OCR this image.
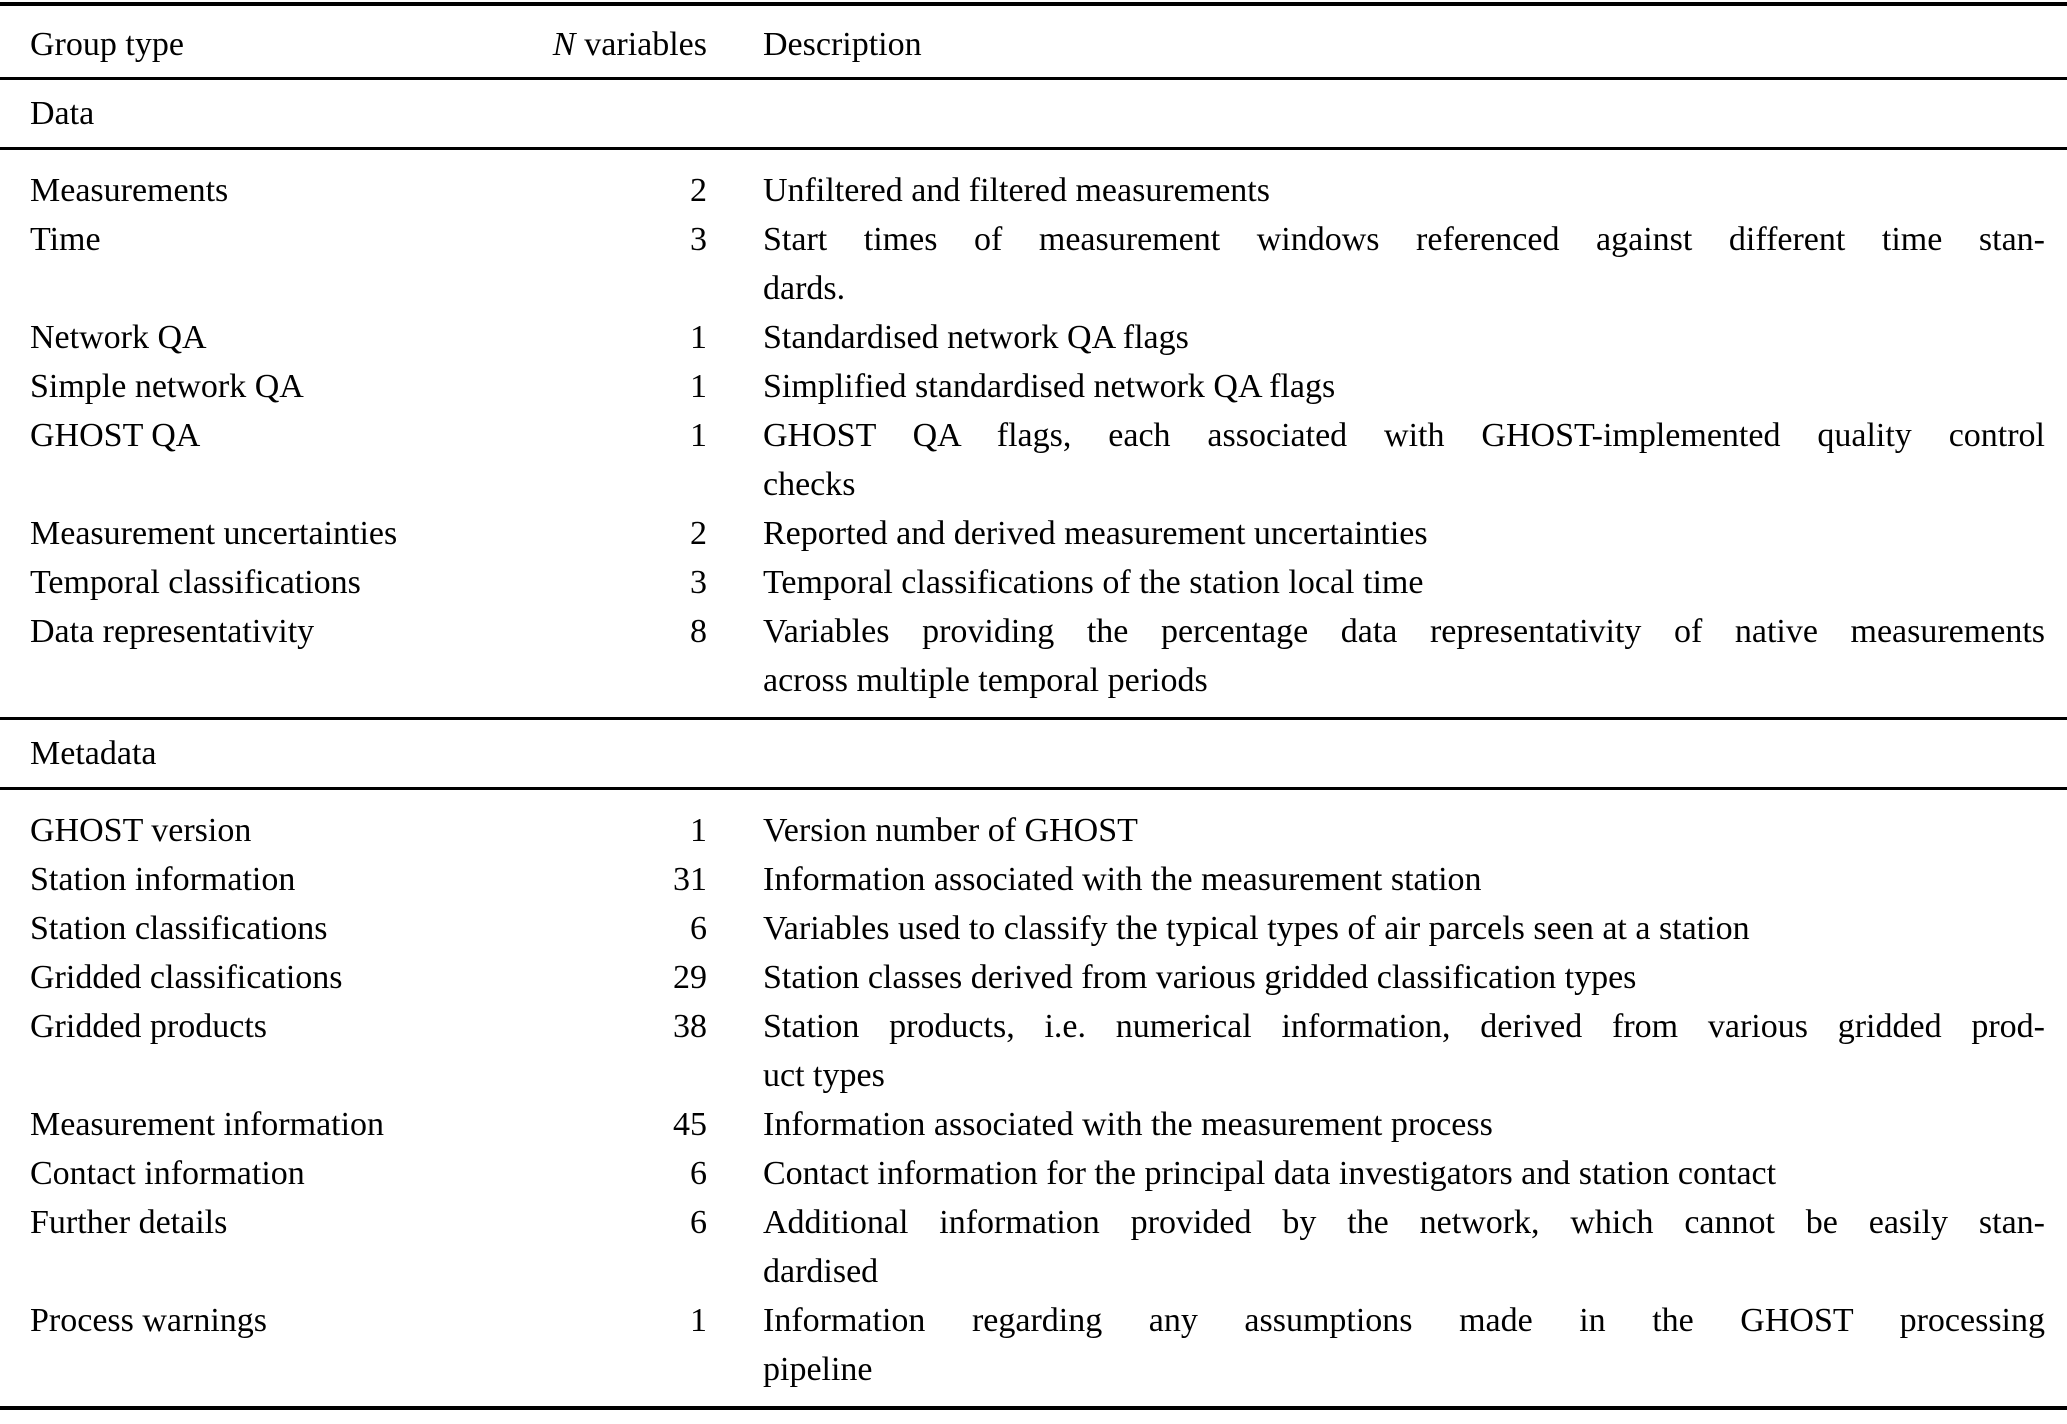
Group type	N variables	Description
Data
Measurements	2 Unfiltered and filtered measurements
Time	3 Start times of measurement windows referenced against different time stan-
dards.
Network QA	1 Standardised network QA flags
Simple network QA	1 Simplified standardised network QA flags
GHOST QA	1 GHOST QA flags, each associated with GHOST-implemented quality control
checks
Measurement uncertainties	2 Reported and derived measurement uncertainties
Temporal classifications	3 Temporal classifications of the station local time
Data representativity	8 Variables providing the percentage data representativity of native measurements
across multiple temporal periods
Metadata
GHOST version	1 Version number of GHOST
Station information	31 Information associated with the measurement station
Station classifications	6 Variables used to classify the typical types of air parcels seen at a station
Gridded classifications	29 Station classes derived from various gridded classification types
Gridded products	38 Station products, i.e. numerical information, derived from various gridded prod-
uct types
Measurement information	45 Information associated with the measurement process
Contact information	6 Contact information for the principal data investigators and station contact
Further details	6 Additional information provided by the network, which cannot be easily stan-
dardised
Process warnings	1 Information regarding any assumptions made in the GHOST processing
pipeline
